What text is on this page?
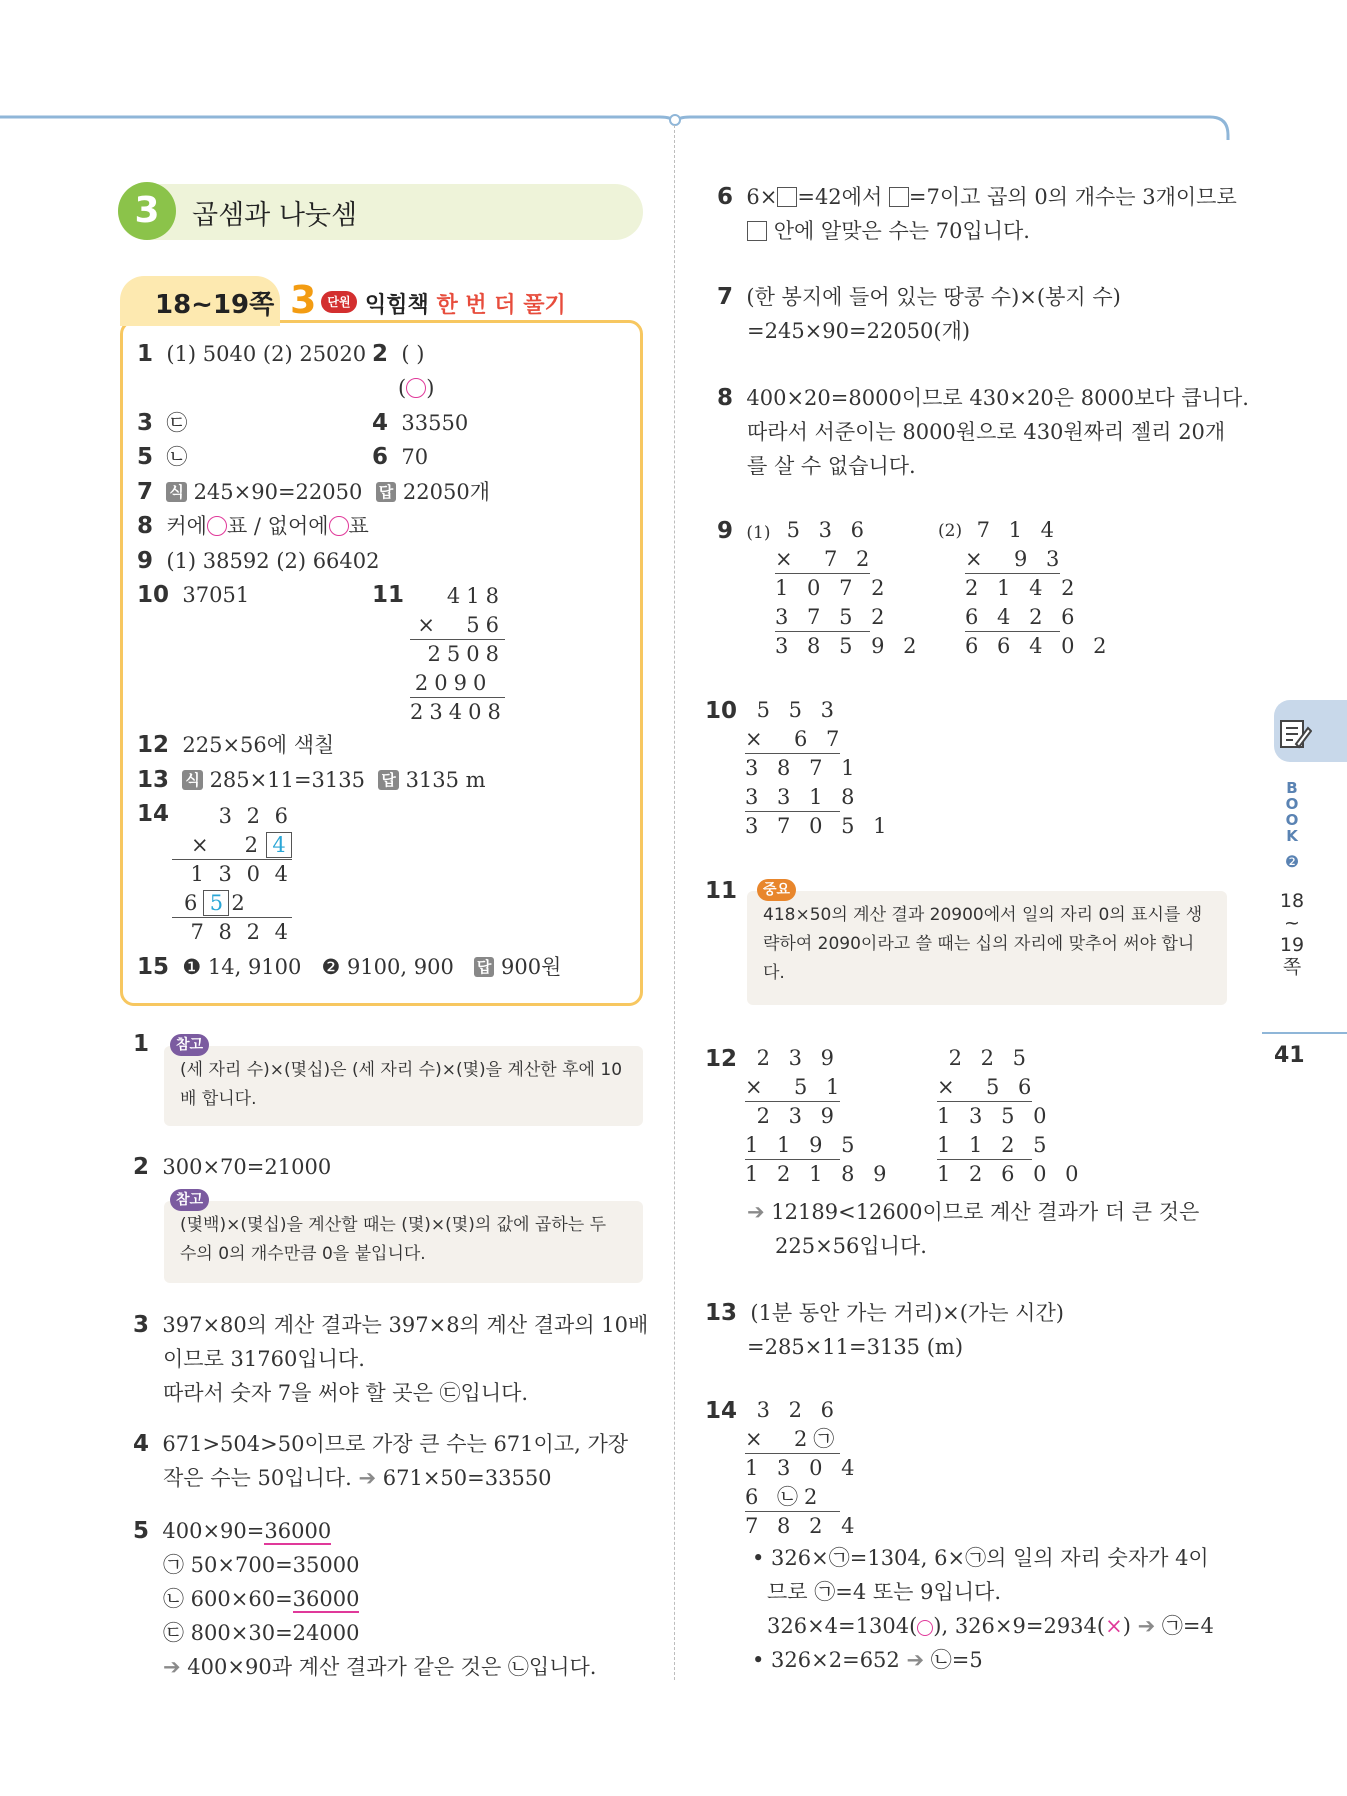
3	곱셈과 나눗셈
18~19쪽 3 단원 익힘책 한 번 더 풀기
1 (1) 5040 (2) 25020 2 ( )
(○)
3 ㉢	4 33550
5 ㉡	6 70
7 식 245×90=22050 답 22050개
8 커에○표 / 없어에○표
9 (1) 38592 (2) 66402
10 37051	11	418
×  56
2508
2090
23408
12 225×56에 색칠
13 식 285×11=3135 답 3135 m
14	3 2 6
×   2 4
1 3 0 4
6 5 2
7 8 2 4
15 ❶ 14, 9100 ❷ 9100, 900 답 900원
1
(세 자리 수)×(몇십)은 (세 자리 수)×(몇)을 계산한 후에 10배 합니다.
참고
2 300×70=21000
(몇백)×(몇십)을 계산할 때는 (몇)×(몇)의 값에 곱하는 두 수의 0의 개수만큼 0을 붙입니다.
참고
3 397×80의 계산 결과는 397×8의 계산 결과의 10배
이므로 31760입니다.
따라서 숫자 7을 써야 할 곳은 ㉢입니다.
4 671>504>50이므로 가장 큰 수는 671이고, 가장
작은 수는 50입니다. ➔ 671×50=33550
5 400×90=36000
㉠ 50×700=35000
㉡ 600×60=36000
㉢ 800×30=24000
➔ 400×90과 계산 결과가 같은 것은 ㉡입니다.
6 6× =42에서 =7이고 곱의 0의 개수는 3개이므로
안에 알맞은 수는 70입니다.
7 (한 봉지에 들어 있는 땅콩 수)×(봉지 수)
=245×90=22050(개)
8 400×20=8000이므로 430×20은 8000보다 큽니다.
따라서 서준이는 8000원으로 430원짜리 젤리 20개
를 살 수 없습니다.
9 (1)	(2)
5 3 6
×  7 2
1 0 7 2
3 7 5 2
3 8 5 9 2
7 1 4
×  9 3
2 1 4 2
6 4 2 6
6 6 4 0 2
10 5 5 3
×  6 7
3 8 7 1
3 3 1 8
3 7 0 5 1
11
418×50의 계산 결과 20900에서 일의 자리 0의 표시를 생략하여 2090이라고 쓸 때는 십의 자리에 맞추어 써야 합니다.
중요
12 2 3 9
×  5 1
2 3 9
1 1 9 5
1 2 1 8 9
2 2 5
×  5 6
1 3 5 0
1 1 2 5
1 2 6 0 0
➔ 12189<12600이므로 계산 결과가 더 큰 것은
225×56입니다.
13 (1분 동안 가는 거리)×(가는 시간)
=285×11=3135 (m)
14 3 2 6
×  2㉠
1 3 0 4
6 ㉡2
7 8 2 4
• 326×㉠=1304, 6×㉠의 일의 자리 숫자가 4이
므로 ㉠=4 또는 9입니다.
326×4=1304(○), 326×9=2934(×) ➔ ㉠=4
• 326×2=652 ➔ ㉡=5
BOOK
❷
18
~
19
쪽
41
